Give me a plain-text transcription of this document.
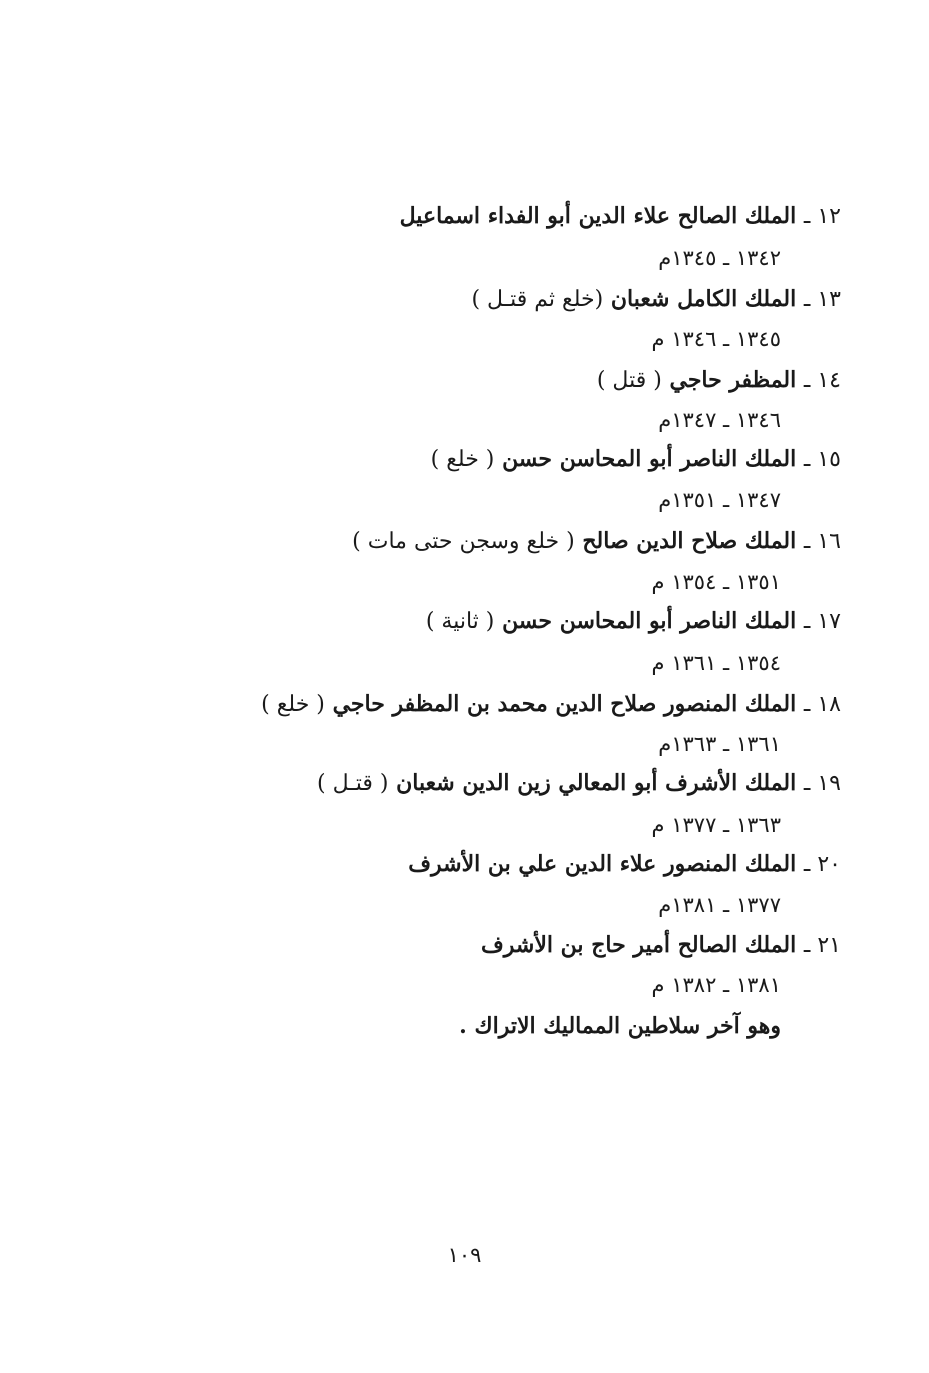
١٢ ـ الملك الصالح علاء الدين أبو الفداء اسماعيل
١٣٤٢ ـ ١٣٤٥م
١٣ ـ الملك الكامل شعبان (خلع ثم قتـل )
١٣٤٥ ـ ١٣٤٦ م
١٤ ـ المظفر حاجي ( قتل )
١٣٤٦ ـ ١٣٤٧م
١٥ ـ الملك الناصر أبو المحاسن حسن ( خلع )
١٣٤٧ ـ ١٣٥١م
١٦ ـ الملك صلاح الدين صالح ( خلع وسجن حتى مات )
١٣٥١ ـ ١٣٥٤ م
١٧ ـ الملك الناصر أبو المحاسن حسن ( ثانية )
١٣٥٤ ـ ١٣٦١ م
١٨ ـ الملك المنصور صلاح الدين محمد بن المظفر حاجي ( خلع )
١٣٦١ ـ ١٣٦٣م
١٩ ـ الملك الأشرف أبو المعالي زين الدين شعبان ( قتـل )
١٣٦٣ ـ ١٣٧٧ م
٢٠ ـ الملك المنصور علاء الدين علي بن الأشرف
١٣٧٧ ـ ١٣٨١م
٢١ ـ الملك الصالح أمير حاج بن الأشرف
١٣٨١ ـ ١٣٨٢ م
وهو آخر سلاطين المماليك الاتراك .
١٠٩
